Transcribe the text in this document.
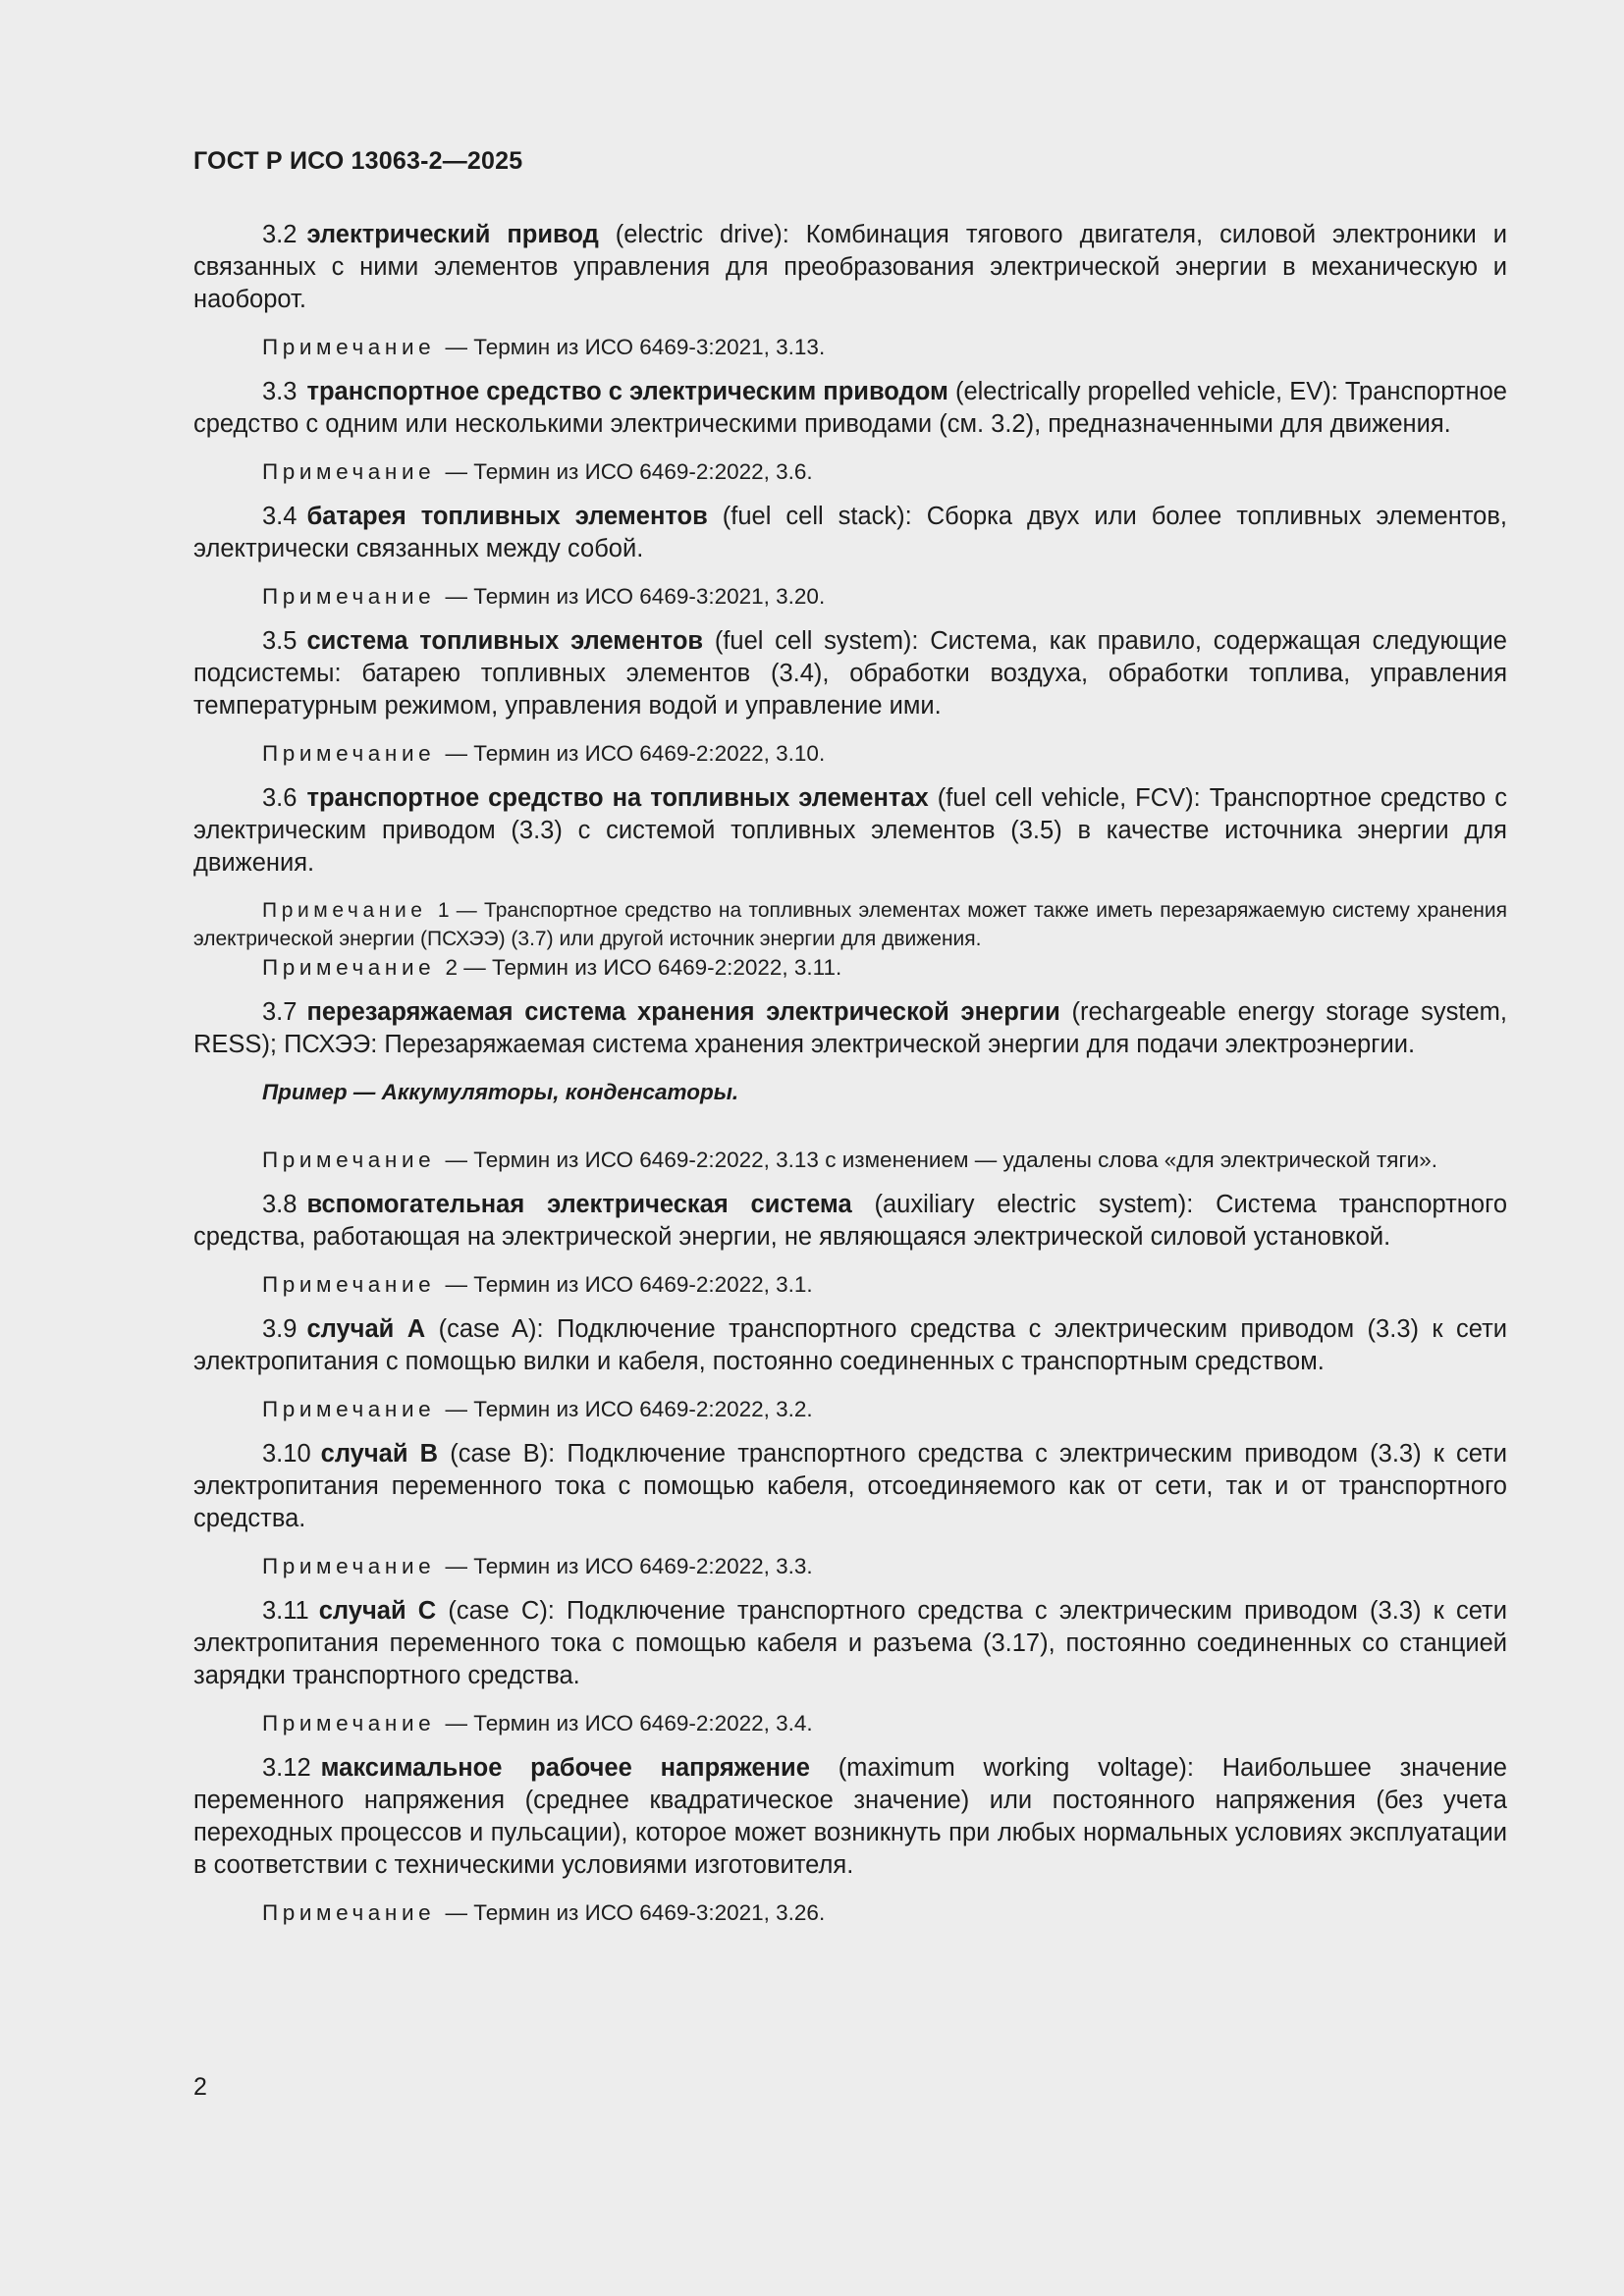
ГОСТ Р ИСО 13063-2—2025

3.2 электрический привод (electric drive): Комбинация тягового двигателя, силовой электроники и связанных с ними элементов управления для преобразования электрической энергии в механическую и наоборот.

Примечание — Термин из ИСО 6469-3:2021, 3.13.

3.3 транспортное средство с электрическим приводом (electrically propelled vehicle, EV): Транспортное средство с одним или несколькими электрическими приводами (см. 3.2), предназначенными для движения.

Примечание — Термин из ИСО 6469-2:2022, 3.6.

3.4 батарея топливных элементов (fuel cell stack): Сборка двух или более топливных элементов, электрически связанных между собой.

Примечание — Термин из ИСО 6469-3:2021, 3.20.

3.5 система топливных элементов (fuel cell system): Система, как правило, содержащая следующие подсистемы: батарею топливных элементов (3.4), обработки воздуха, обработки топлива, управления температурным режимом, управления водой и управление ими.

Примечание — Термин из ИСО 6469-2:2022, 3.10.

3.6 транспортное средство на топливных элементах (fuel cell vehicle, FCV): Транспортное средство с электрическим приводом (3.3) с системой топливных элементов (3.5) в качестве источника энергии для движения.

Примечание 1 — Транспортное средство на топливных элементах может также иметь перезаряжаемую систему хранения электрической энергии (ПСХЭЭ) (3.7) или другой источник энергии для движения.

Примечание 2 — Термин из ИСО 6469-2:2022, 3.11.

3.7 перезаряжаемая система хранения электрической энергии (rechargeable energy storage system, RESS); ПСХЭЭ: Перезаряжаемая система хранения электрической энергии для подачи электроэнергии.

Пример — Аккумуляторы, конденсаторы.

Примечание — Термин из ИСО 6469-2:2022, 3.13 с изменением — удалены слова «для электрической тяги».

3.8 вспомогательная электрическая система (auxiliary electric system): Система транспортного средства, работающая на электрической энергии, не являющаяся электрической силовой установкой.

Примечание — Термин из ИСО 6469-2:2022, 3.1.

3.9 случай А (case A): Подключение транспортного средства с электрическим приводом (3.3) к сети электропитания с помощью вилки и кабеля, постоянно соединенных с транспортным средством.

Примечание — Термин из ИСО 6469-2:2022, 3.2.

3.10 случай В (case B): Подключение транспортного средства с электрическим приводом (3.3) к сети электропитания переменного тока с помощью кабеля, отсоединяемого как от сети, так и от транспортного средства.

Примечание — Термин из ИСО 6469-2:2022, 3.3.

3.11 случай С (case C): Подключение транспортного средства с электрическим приводом (3.3) к сети электропитания переменного тока с помощью кабеля и разъема (3.17), постоянно соединенных со станцией зарядки транспортного средства.

Примечание — Термин из ИСО 6469-2:2022, 3.4.

3.12 максимальное рабочее напряжение (maximum working voltage): Наибольшее значение переменного напряжения (среднее квадратическое значение) или постоянного напряжения (без учета переходных процессов и пульсации), которое может возникнуть при любых нормальных условиях эксплуатации в соответствии с техническими условиями изготовителя.

Примечание — Термин из ИСО 6469-3:2021, 3.26.

2
